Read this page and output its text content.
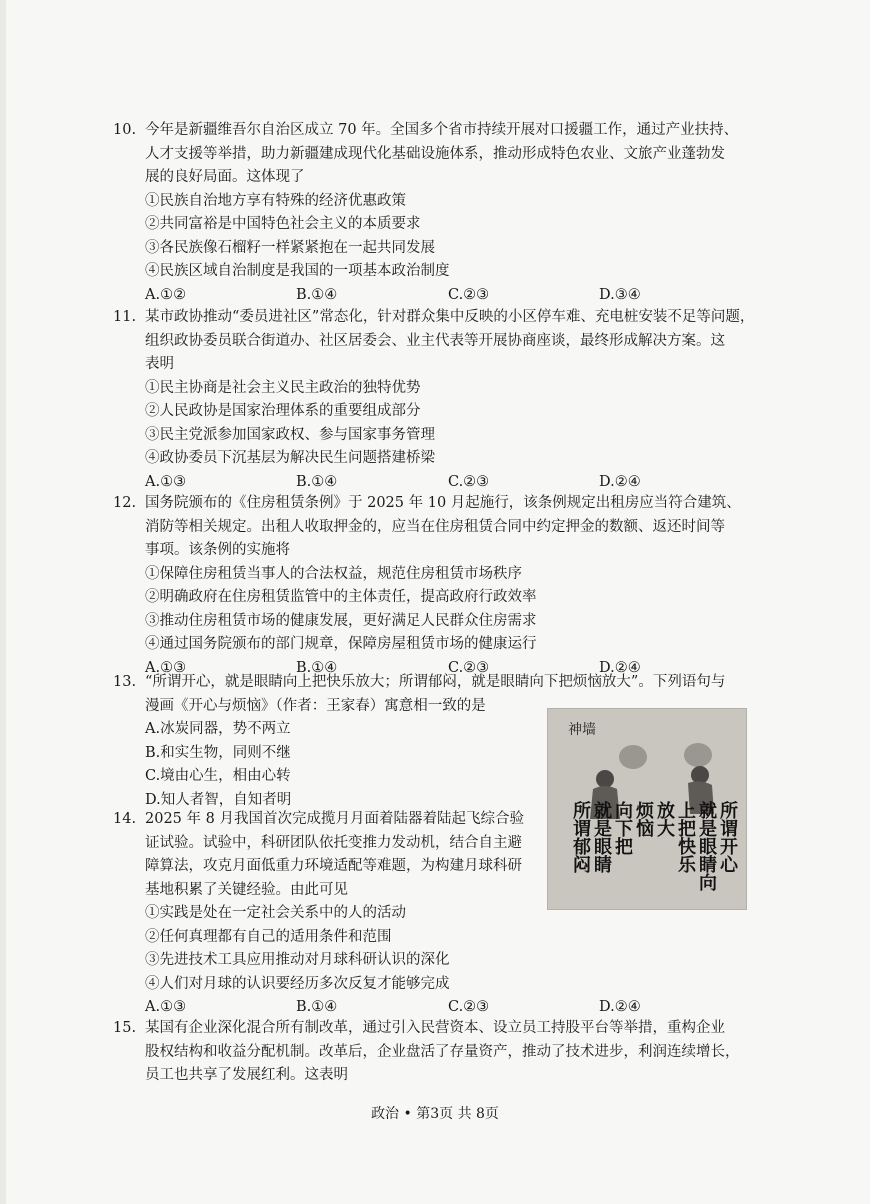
10. 今年是新疆维吾尔自治区成立 70 年。全国多个省市持续开展对口援疆工作，通过产业扶持、
人才支援等举措，助力新疆建成现代化基础设施体系，推动形成特色农业、文旅产业蓬勃发
展的良好局面。这体现了
①民族自治地方享有特殊的经济优惠政策
②共同富裕是中国特色社会主义的本质要求
③各民族像石榴籽一样紧紧抱在一起共同发展
④民族区域自治制度是我国的一项基本政治制度
A.①②	B.①④	C.②③	D.③④
11. 某市政协推动“委员进社区”常态化，针对群众集中反映的小区停车难、充电桩安装不足等问题，
组织政协委员联合街道办、社区居委会、业主代表等开展协商座谈，最终形成解决方案。这
表明
①民主协商是社会主义民主政治的独特优势
②人民政协是国家治理体系的重要组成部分
③民主党派参加国家政权、参与国家事务管理
④政协委员下沉基层为解决民生问题搭建桥梁
A.①③	B.①④	C.②③	D.②④
12. 国务院颁布的《住房租赁条例》于 2025 年 10 月起施行，该条例规定出租房应当符合建筑、
消防等相关规定。出租人收取押金的，应当在住房租赁合同中约定押金的数额、返还时间等
事项。该条例的实施将
①保障住房租赁当事人的合法权益，规范住房租赁市场秩序
②明确政府在住房租赁监管中的主体责任，提高政府行政效率
③推动住房租赁市场的健康发展，更好满足人民群众住房需求
④通过国务院颁布的部门规章，保障房屋租赁市场的健康运行
A.①③	B.①④	C.②③	D.②④
13. “所谓开心，就是眼睛向上把快乐放大；所谓郁闷，就是眼睛向下把烦恼放大”。下列语句与
漫画《开心与烦恼》（作者：王家春）寓意相一致的是
A.冰炭同器，势不两立
B.和实生物，同则不继
C.境由心生，相由心转
D.知人者智，自知者明
神墙
所谓开心
就是眼睛向
上把快乐
放大
烦恼
向下把
就是眼睛
所谓郁闷
14. 2025 年 8 月我国首次完成揽月月面着陆器着陆起飞综合验
证试验。试验中，科研团队依托变推力发动机，结合自主避
障算法，攻克月面低重力环境适配等难题，为构建月球科研
基地积累了关键经验。由此可见
①实践是处在一定社会关系中的人的活动
②任何真理都有自己的适用条件和范围
③先进技术工具应用推动对月球科研认识的深化
④人们对月球的认识要经历多次反复才能够完成
A.①③	B.①④	C.②③	D.②④
15. 某国有企业深化混合所有制改革，通过引入民营资本、设立员工持股平台等举措，重构企业
股权结构和收益分配机制。改革后，企业盘活了存量资产，推动了技术进步，利润连续增长，
员工也共享了发展红利。这表明
政治 • 第3页 共 8页
